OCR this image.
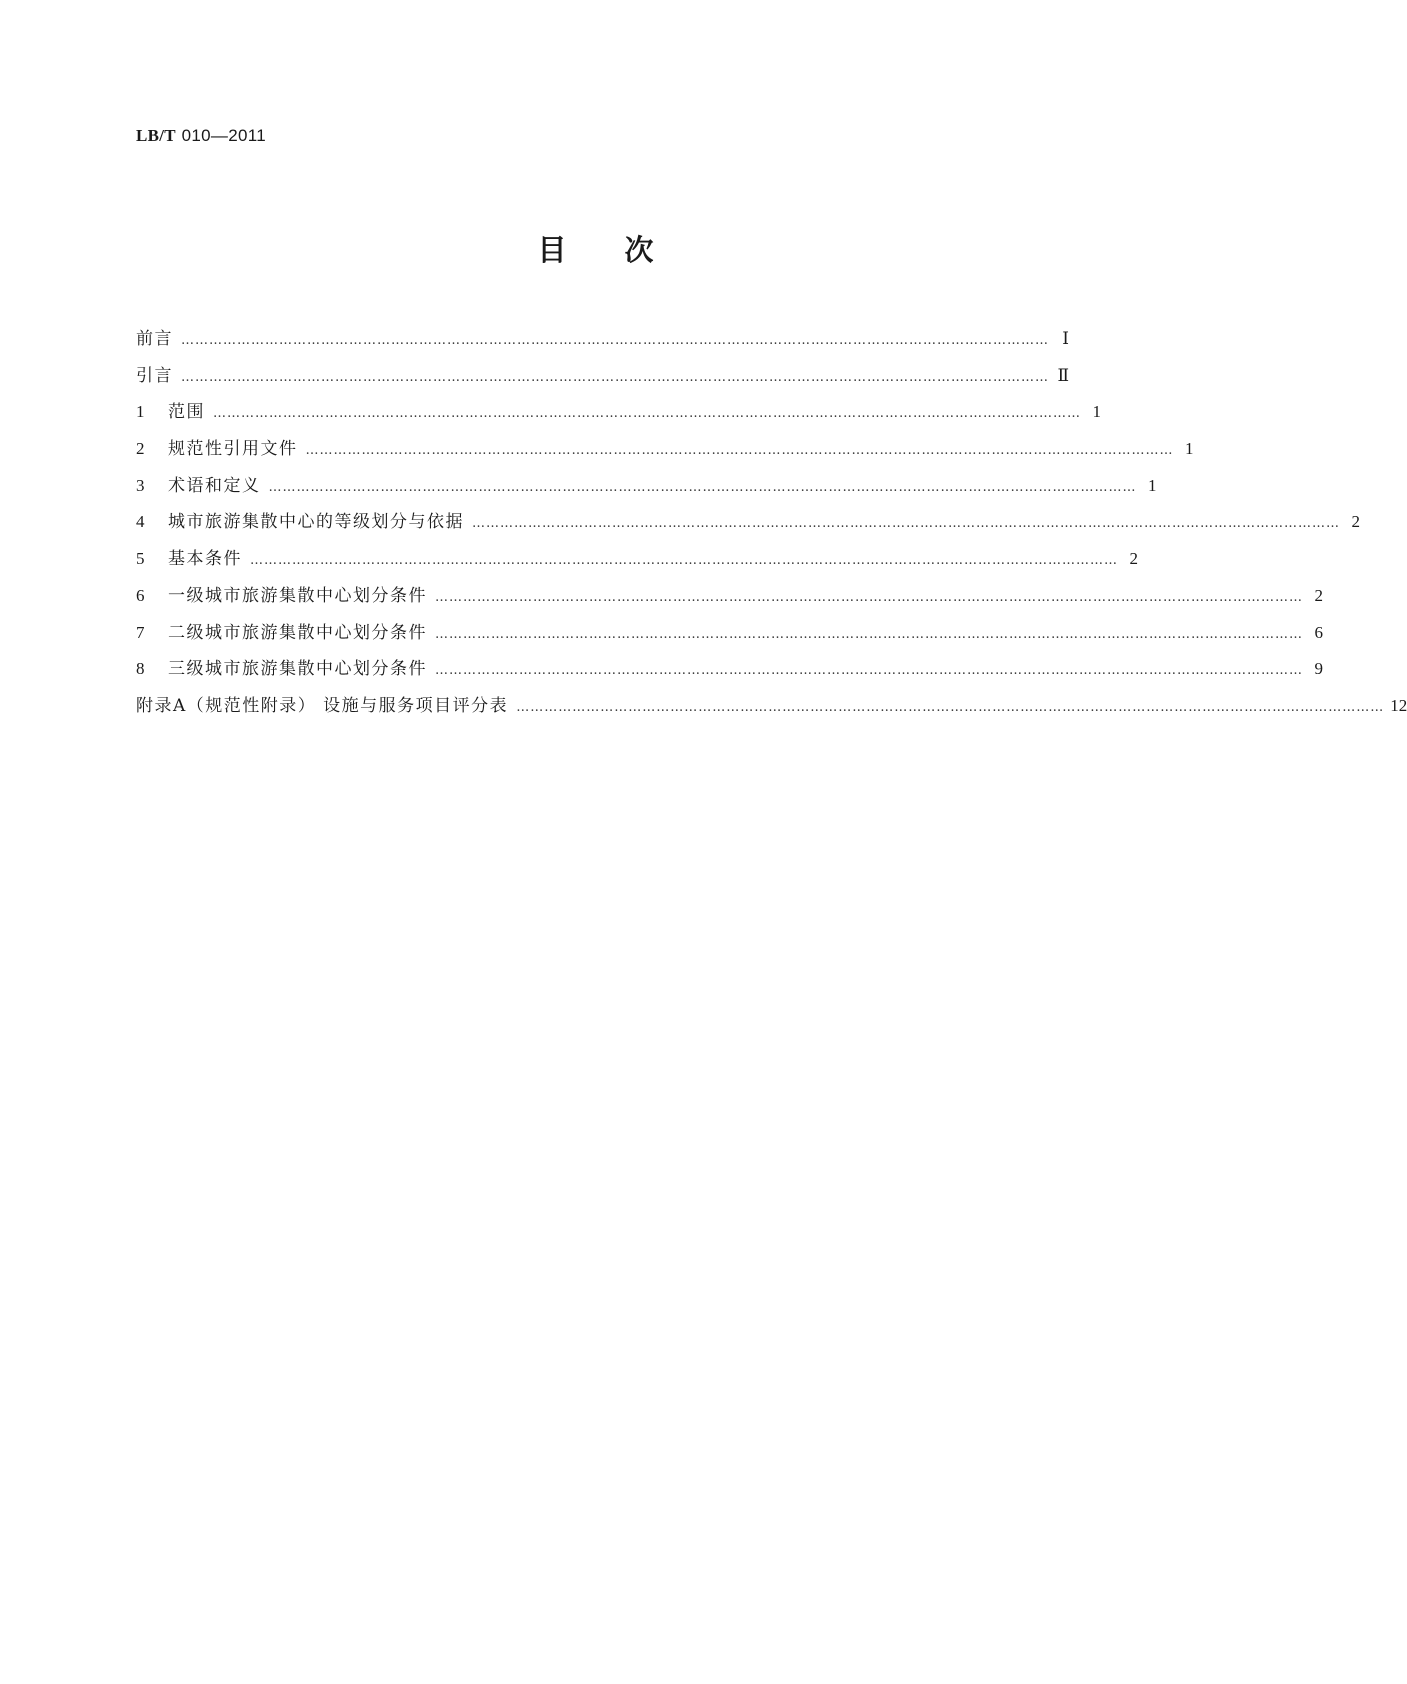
LB/T 010—2011
目次
前言 …………………………………………………………………………………………………………………………………………………………………… Ⅰ
引言 …………………………………………………………………………………………………………………………………………………………………… Ⅱ
1	范围 …………………………………………………………………………………………………………………………………………………………………… 1
2	规范性引用文件 …………………………………………………………………………………………………………………………………………………………………… 1
3	术语和定义 …………………………………………………………………………………………………………………………………………………………………… 1
4	城市旅游集散中心的等级划分与依据 …………………………………………………………………………………………………………………………………………………………………… 2
5	基本条件 …………………………………………………………………………………………………………………………………………………………………… 2
6	一级城市旅游集散中心划分条件 …………………………………………………………………………………………………………………………………………………………………… 2
7	二级城市旅游集散中心划分条件 …………………………………………………………………………………………………………………………………………………………………… 6
8	三级城市旅游集散中心划分条件 …………………………………………………………………………………………………………………………………………………………………… 9
附录A（规范性附录） 设施与服务项目评分表 …………………………………………………………………………………………………………………………………………………………………… 12
